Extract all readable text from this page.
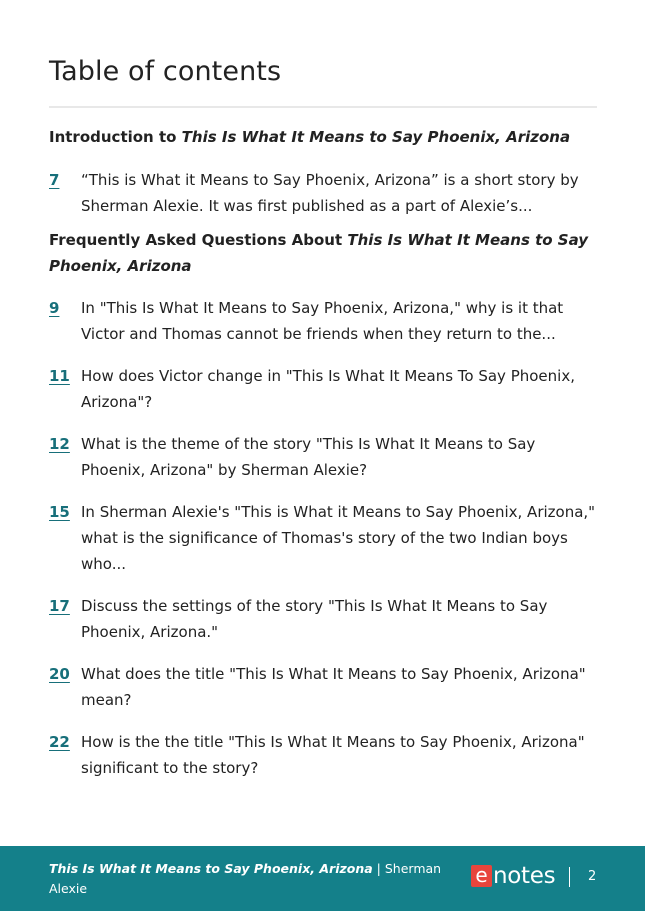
Table of contents

Introduction to This Is What It Means to Say Phoenix, Arizona

7	“This is What it Means to Say Phoenix, Arizona” is a short story by Sherman Alexie. It was first published as a part of Alexie’s...

Frequently Asked Questions About This Is What It Means to Say Phoenix, Arizona

9	In "This Is What It Means to Say Phoenix, Arizona," why is it that Victor and Thomas cannot be friends when they return to the...
11 How does Victor change in "This Is What It Means To Say Phoenix, Arizona"?
12 What is the theme of the story "This Is What It Means to Say Phoenix, Arizona" by Sherman Alexie?
15 In Sherman Alexie's "This is What it Means to Say Phoenix, Arizona," what is the significance of Thomas's story of the two Indian boys who...
17 Discuss the settings of the story "This Is What It Means to Say Phoenix, Arizona."
20 What does the title "This Is What It Means to Say Phoenix, Arizona" mean?
22 How is the the title "This Is What It Means to Say Phoenix, Arizona" significant to the story?
This Is What It Means to Say Phoenix, Arizona | Sherman Alexie
e notes	2
